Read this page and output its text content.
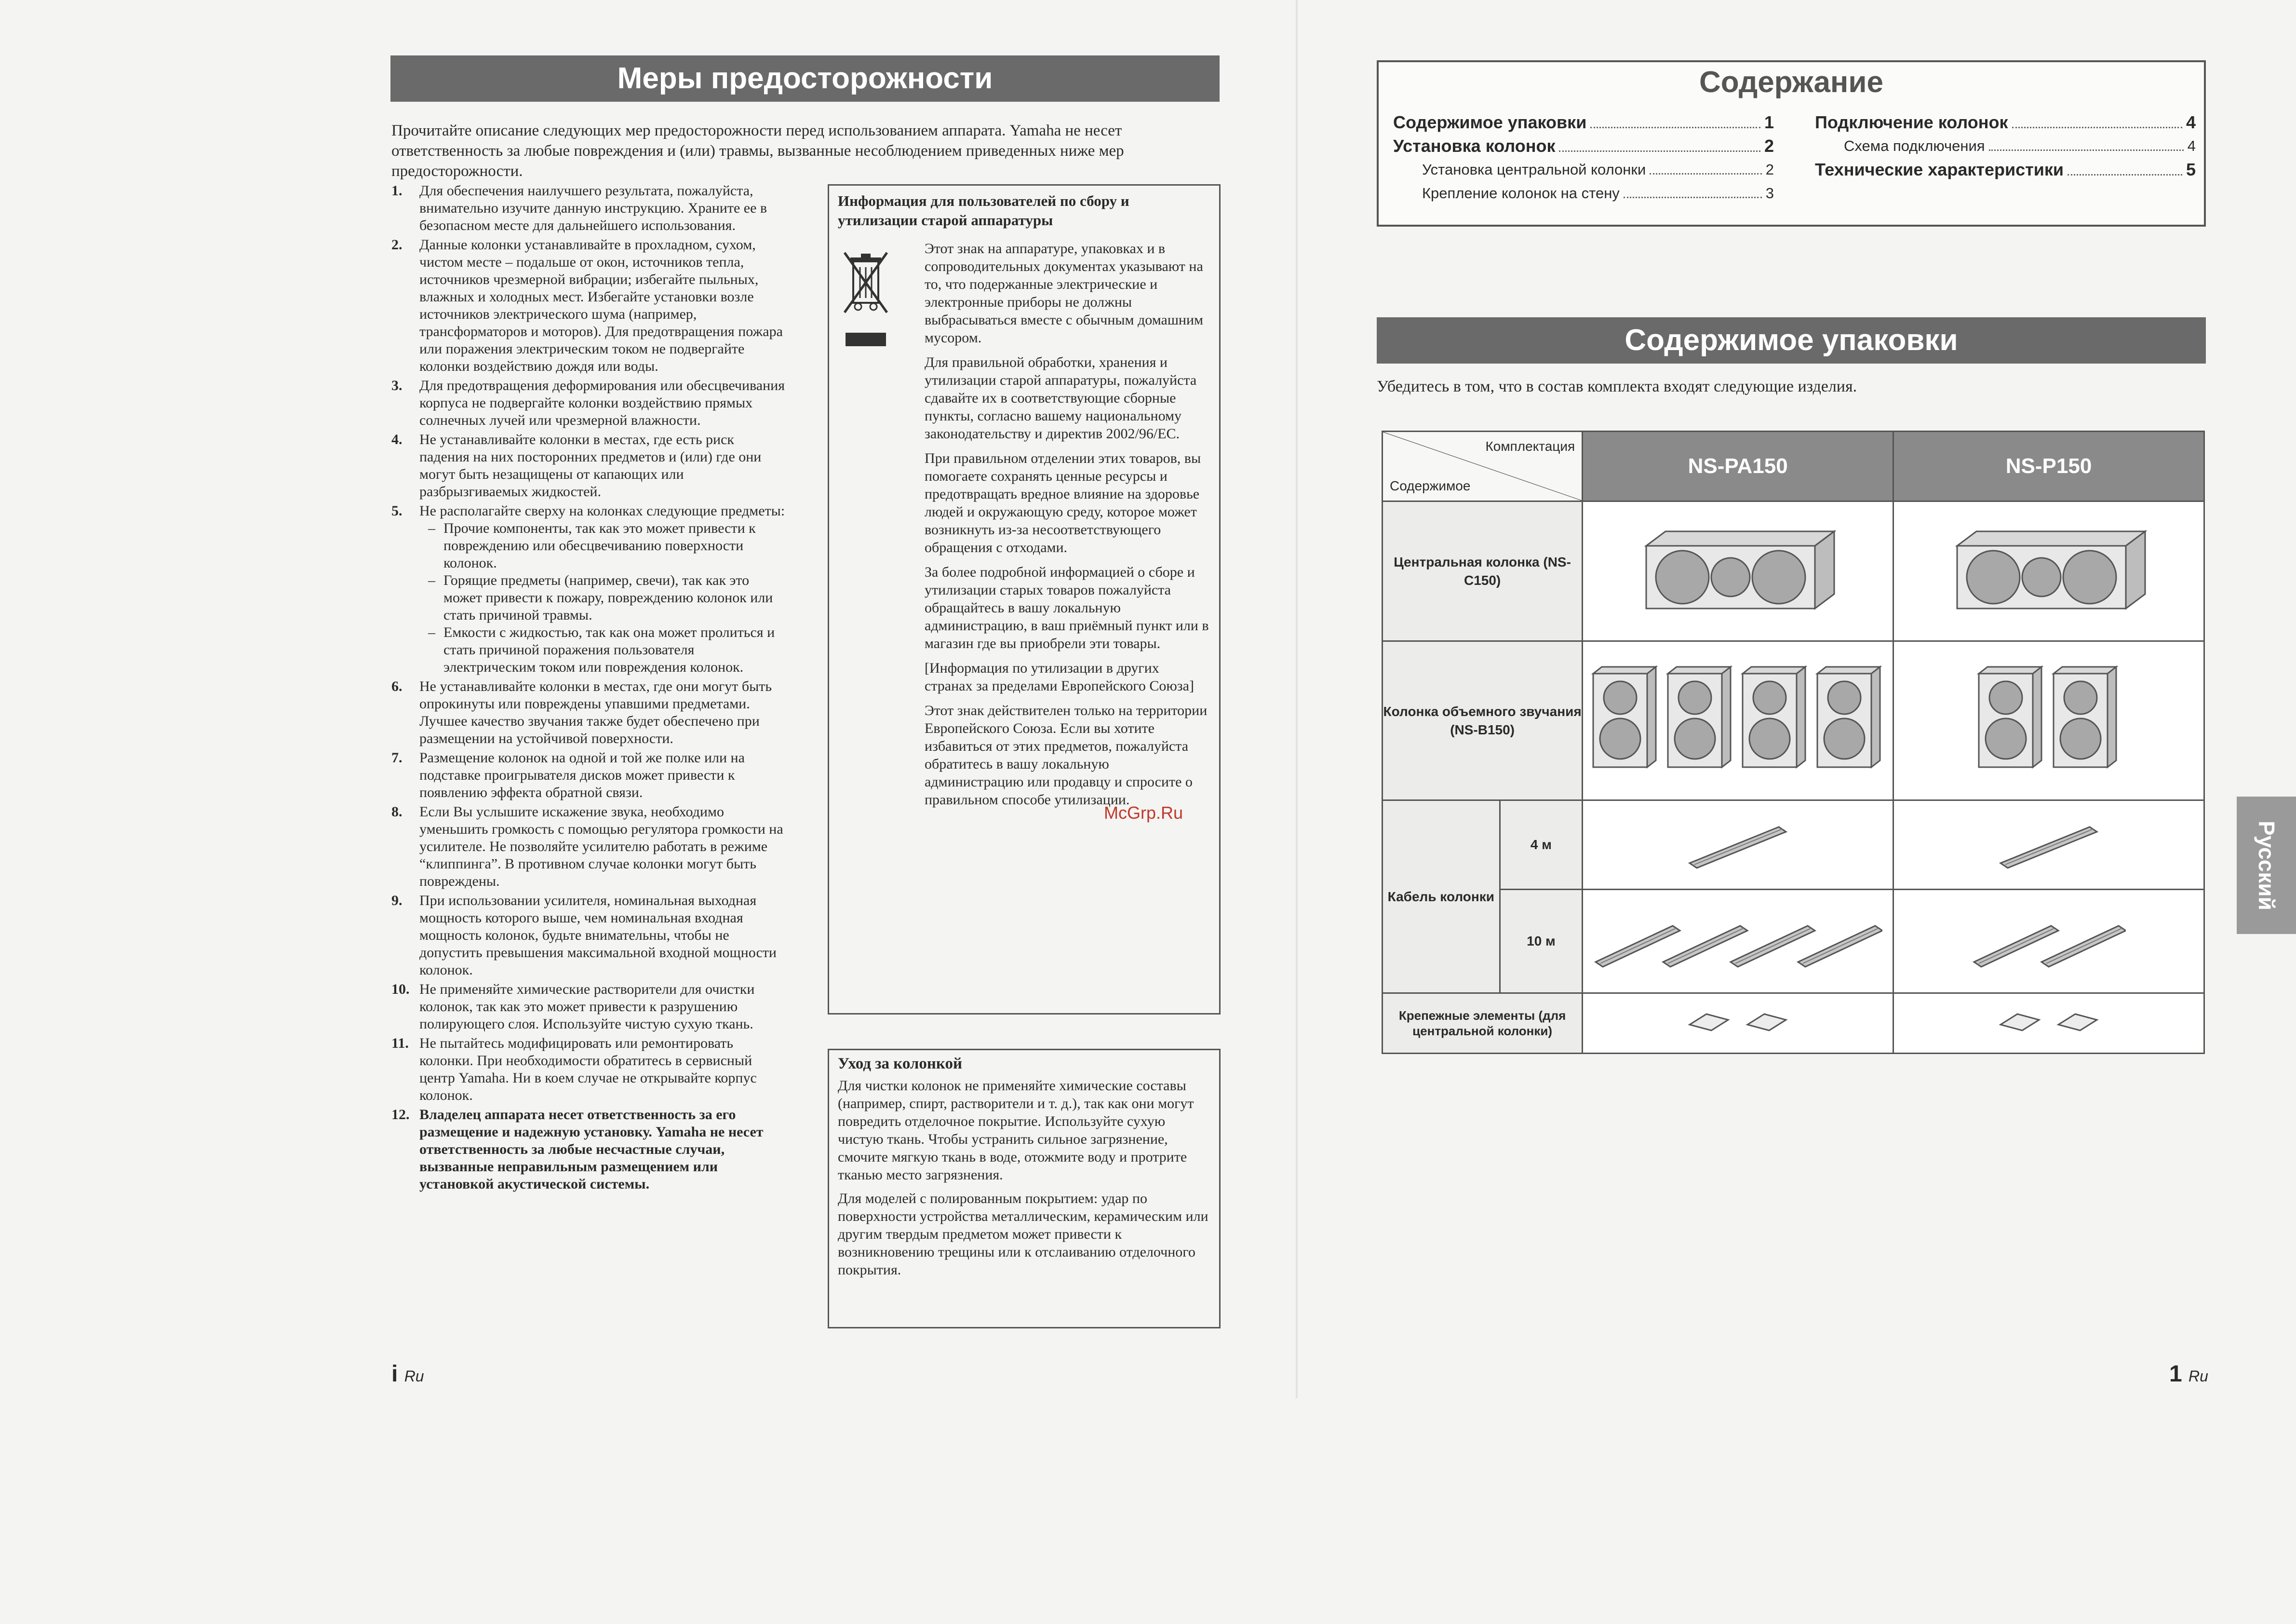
Меры предосторожности
Прочитайте описание следующих мер предосторожности перед использованием аппарата. Yamaha не несет ответственность за любые повреждения и (или) травмы, вызванные несоблюдением приведенных ниже мер предосторожности.
1.	Для обеспечения наилучшего результата, пожалуйста, внимательно изучите данную инструкцию. Храните ее в безопасном месте для дальнейшего использования.
2.	Данные колонки устанавливайте в прохладном, сухом, чистом месте – подальше от окон, источников тепла, источников чрезмерной вибрации; избегайте пыльных, влажных и холодных мест. Избегайте установки возле источников электрического шума (например, трансформаторов и моторов). Для предотвращения пожара или поражения электрическим током не подвергайте колонки воздействию дождя или воды.
3.	Для предотвращения деформирования или обесцвечивания корпуса не подвергайте колонки воздействию прямых солнечных лучей или чрезмерной влажности.
4.	Не устанавливайте колонки в местах, где есть риск падения на них посторонних предметов и (или) где они могут быть незащищены от капающих или разбрызгиваемых жидкостей.
5.	Не располагайте сверху на колонках следующие предметы:
– Прочие компоненты, так как это может привести к повреждению или обесцвечиванию поверхности колонок.
– Горящие предметы (например, свечи), так как это может привести к пожару, повреждению колонок или стать причиной травмы.
– Емкости с жидкостью, так как она может пролиться и стать причиной поражения пользователя электрическим током или повреждения колонок.
6.	Не устанавливайте колонки в местах, где они могут быть опрокинуты или повреждены упавшими предметами. Лучшее качество звучания также будет обеспечено при размещении на устойчивой поверхности.
7.	Размещение колонок на одной и той же полке или на подставке проигрывателя дисков может привести к появлению эффекта обратной связи.
8.	Если Вы услышите искажение звука, необходимо уменьшить громкость с помощью регулятора громкости на усилителе. Не позволяйте усилителю работать в режиме “клиппинга”. В противном случае колонки могут быть повреждены.
9.	При использовании усилителя, номинальная выходная мощность которого выше, чем номинальная входная мощность колонок, будьте внимательны, чтобы не допустить превышения максимальной входной мощности колонок.
10. Не применяйте химические растворители для очистки колонок, так как это может привести к разрушению полирующего слоя. Используйте чистую сухую ткань.
11. Не пытайтесь модифицировать или ремонтировать колонки. При необходимости обратитесь в сервисный центр Yamaha. Ни в коем случае не открывайте корпус колонок.
12. Владелец аппарата несет ответственность за его размещение и надежную установку. Yamaha не несет ответственность за любые несчастные случаи, вызванные неправильным размещением или установкой акустической системы.
Информация для пользователей по сбору и утилизации старой аппаратуры

Этот знак на аппаратуре, упаковках и в сопроводительных документах указывают на то, что подержанные электрические и электронные приборы не должны выбрасываться вместе с обычным домашним мусором.

Для правильной обработки, хранения и утилизации старой аппаратуры, пожалуйста сдавайте их в соответствующие сборные пункты, согласно вашему национальному законодательству и директив 2002/96/EC.

При правильном отделении этих товаров, вы помогаете сохранять ценные ресурсы и предотвращать вредное влияние на здоровье людей и окружающую среду, которое может возникнуть из-за несоответствующего обращения с отходами.

За более подробной информацией о сборе и утилизации старых товаров пожалуйста обращайтесь в вашу локальную администрацию, в ваш приёмный пункт или в магазин где вы приобрели эти товары.

[Информация по утилизации в других странах за пределами Европейского Союза]

Этот знак действителен только на территории Европейского Союза. Если вы хотите избавиться от этих предметов, пожалуйста обратитесь в вашу локальную администрацию или продавцу и спросите о правильном способе утилизации.

Уход за колонкой

Для чистки колонок не применяйте химические составы (например, спирт, растворители и т. д.), так как они могут повредить отделочное покрытие. Используйте сухую чистую ткань. Чтобы устранить сильное загрязнение, смочите мягкую ткань в воде, отожмите воду и протрите тканью место загрязнения.

Для моделей с полированным покрытием: удар по поверхности устройства металлическим, керамическим или другим твердым предметом может привести к возникновению трещины или к отслаиванию отделочного покрытия.

i Ru
Содержание
Содержимое упаковки	1
Установка колонок	2
Установка центральной колонки	2
Крепление колонок на стену	3
Подключение колонок	4
Схема подключения	4
Технические характеристики	5
Содержимое упаковки
Убедитесь в том, что в состав комплекта входят следующие изделия.
Комплектация
Содержимое		NS-PA150	NS-P150
Центральная колонка (NS-C150)		
Колонка объемного звучания (NS-B150)		
Кабель колонки	4 м		
	10 м		
Крепежные элементы (для центральной колонки)		
McGrp.Ru
Русский
1 Ru
